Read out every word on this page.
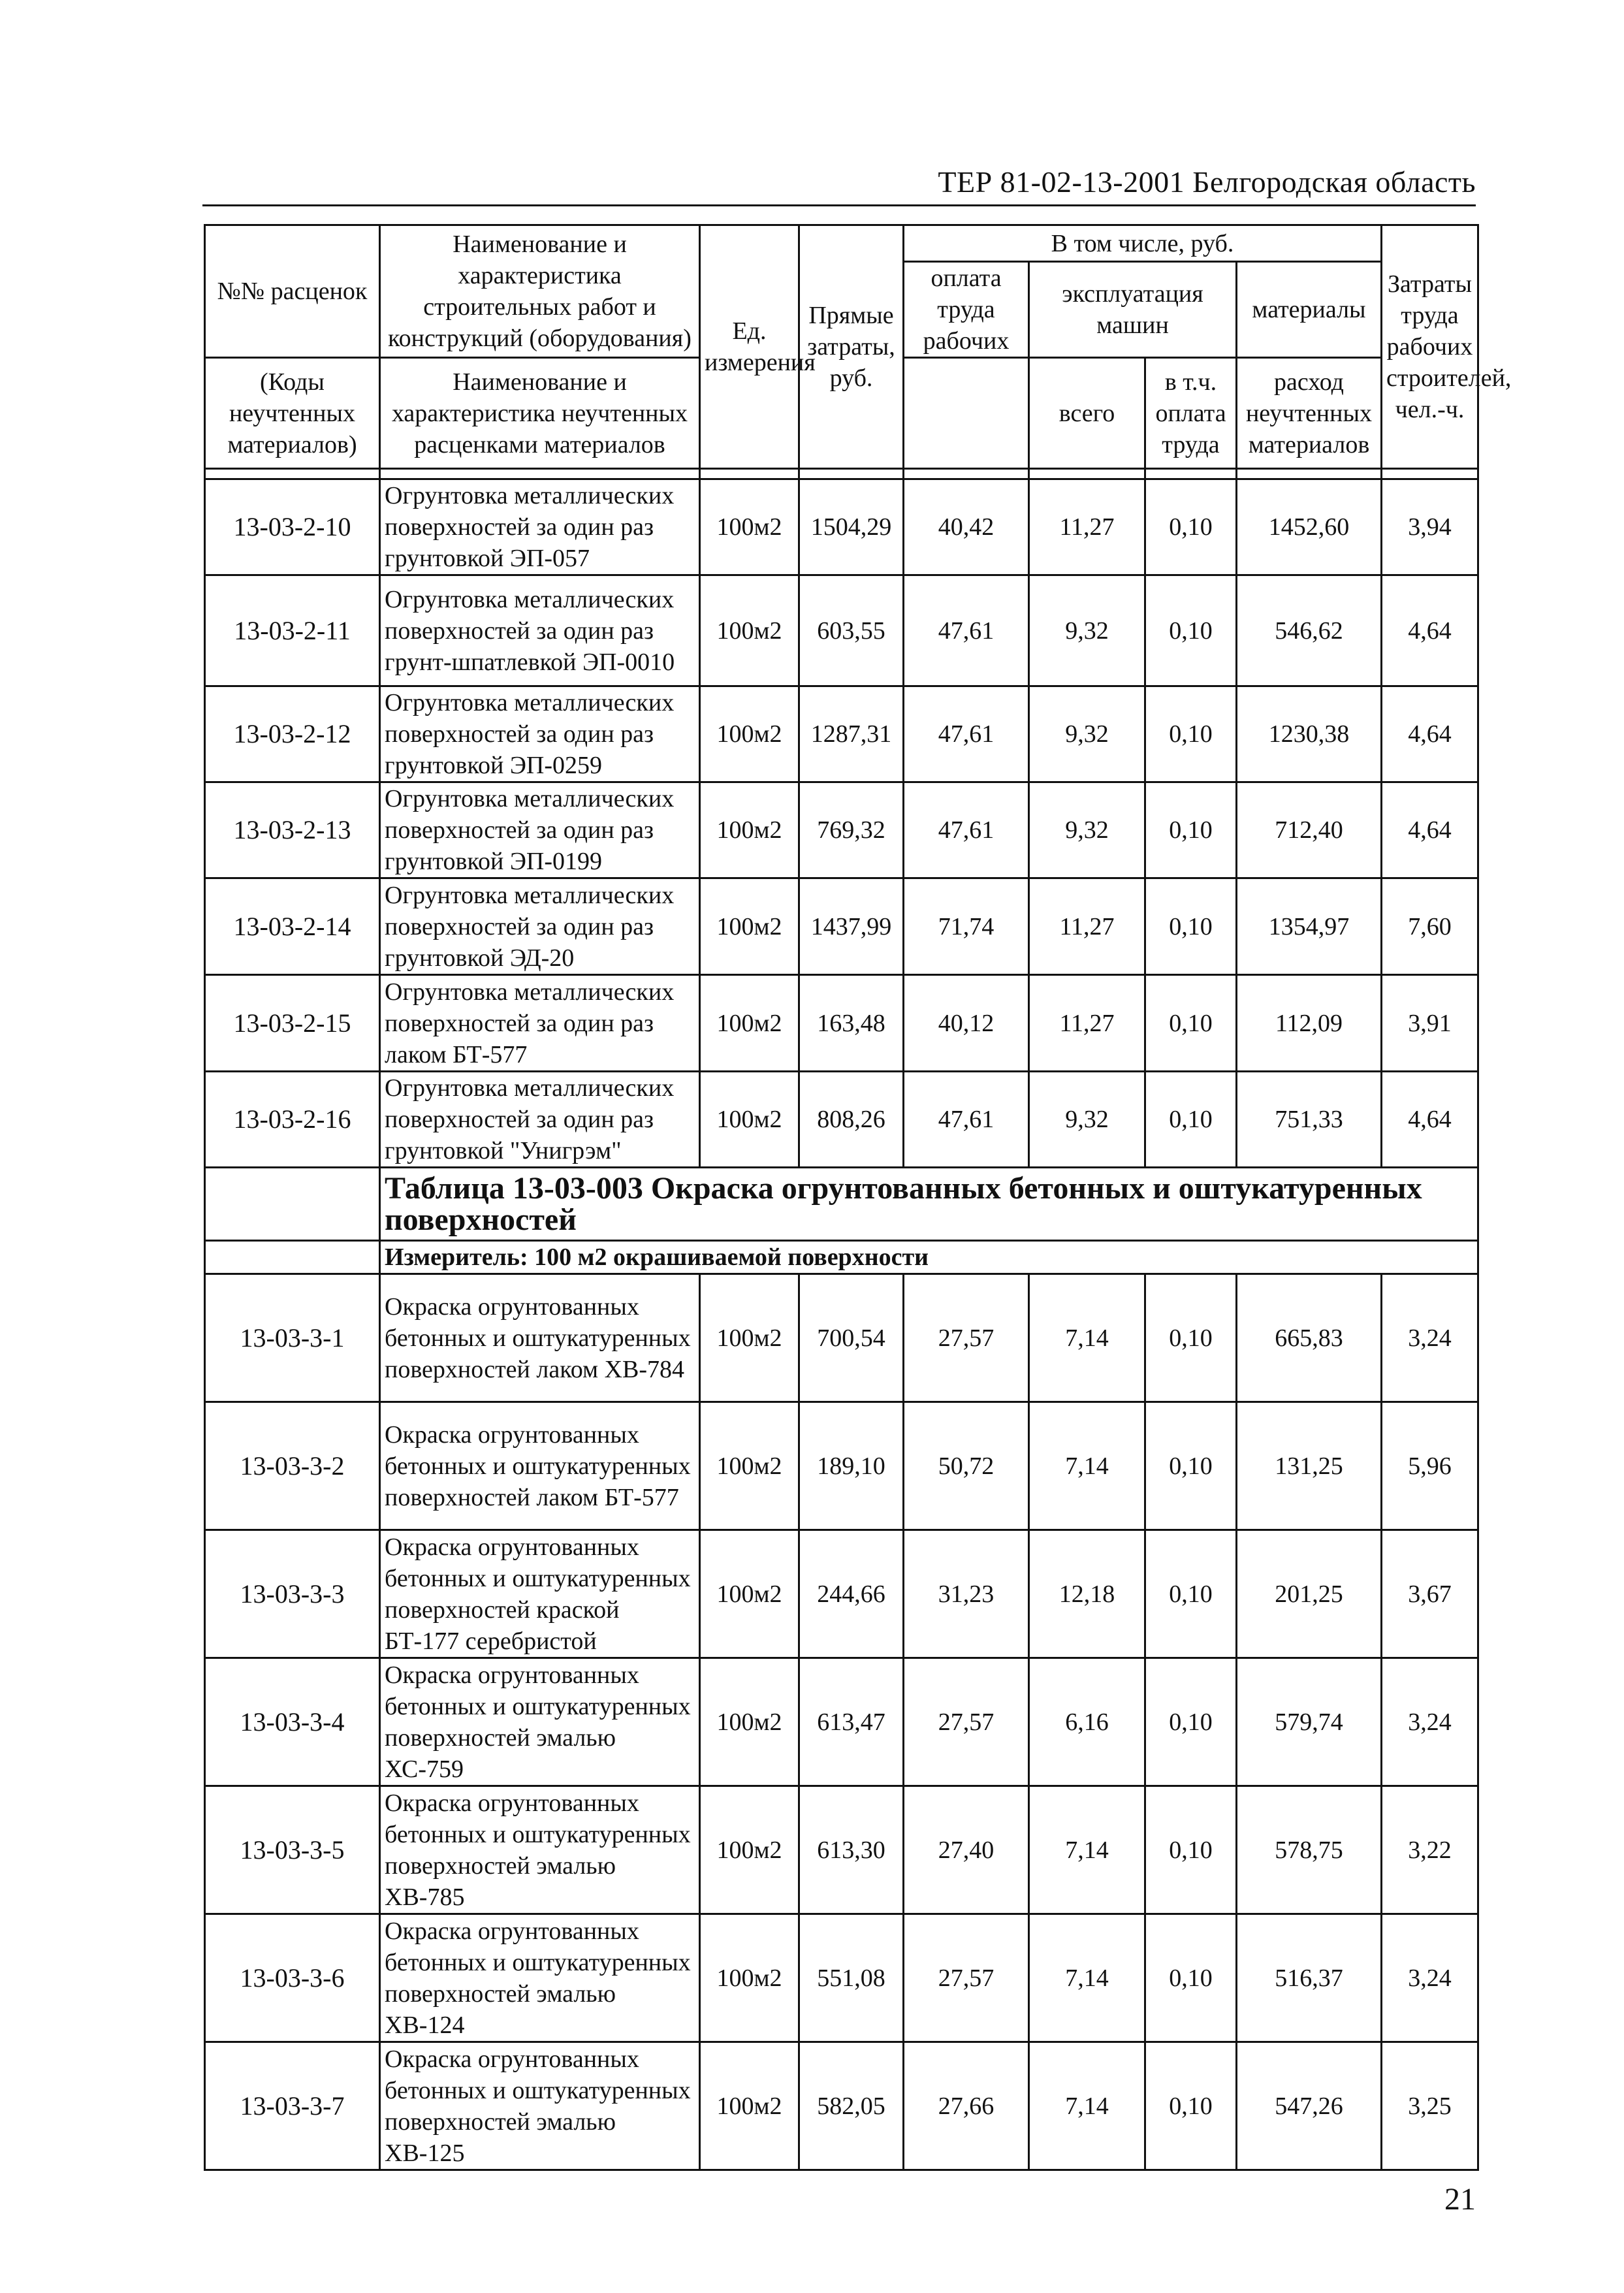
ТЕР 81-02-13-2001 Белгородская область
№№ расценок	Наименование и характеристика строительных работ и конструкций (оборудования)	Ед. измерения	Прямые затраты, руб.	В том числе, руб.				Затраты труда рабочих строителей, чел.-ч.
				оплата труда рабочих	эксплуатация машин		материалы	

(Коды неучтенных материалов)	Наименование и характеристика неучтенных расценками материалов				всего	в т.ч. оплата труда	расход неучтенных материалов	

13-03-2-10	Огрунтовка металлических поверхностей за один раз грунтовкой ЭП-057	100м2	1504,29	40,42	11,27	0,10	1452,60	3,94
13-03-2-11	Огрунтовка металлических поверхностей за один раз грунт-шпатлевкой ЭП-0010	100м2	603,55	47,61	9,32	0,10	546,62	4,64
13-03-2-12	Огрунтовка металлических поверхностей за один раз грунтовкой ЭП-0259	100м2	1287,31	47,61	9,32	0,10	1230,38	4,64
13-03-2-13	Огрунтовка металлических поверхностей за один раз грунтовкой ЭП-0199	100м2	769,32	47,61	9,32	0,10	712,40	4,64
13-03-2-14	Огрунтовка металлических поверхностей за один раз грунтовкой ЭД-20	100м2	1437,99	71,74	11,27	0,10	1354,97	7,60
13-03-2-15	Огрунтовка металлических поверхностей за один раз лаком БТ-577	100м2	163,48	40,12	11,27	0,10	112,09	3,91
13-03-2-16	Огрунтовка металлических поверхностей за один раз грунтовкой "Унигрэм"	100м2	808,26	47,61	9,32	0,10	751,33	4,64
	Таблица 13-03-003 Окраска огрунтованных бетонных и оштукатуренных поверхностей							
	Измеритель: 100 м2 окрашиваемой поверхности							
13-03-3-1	Окраска огрунтованных бетонных и оштукатуренных поверхностей лаком ХВ-784	100м2	700,54	27,57	7,14	0,10	665,83	3,24
13-03-3-2	Окраска огрунтованных бетонных и оштукатуренных поверхностей лаком БТ-577	100м2	189,10	50,72	7,14	0,10	131,25	5,96
13-03-3-3	Окраска огрунтованных бетонных и оштукатуренных поверхностей краской БТ-177 серебристой	100м2	244,66	31,23	12,18	0,10	201,25	3,67
13-03-3-4	Окраска огрунтованных бетонных и оштукатуренных поверхностей эмалью ХС-759	100м2	613,47	27,57	6,16	0,10	579,74	3,24
13-03-3-5	Окраска огрунтованных бетонных и оштукатуренных поверхностей эмалью ХВ-785	100м2	613,30	27,40	7,14	0,10	578,75	3,22
13-03-3-6	Окраска огрунтованных бетонных и оштукатуренных поверхностей эмалью ХВ-124	100м2	551,08	27,57	7,14	0,10	516,37	3,24
13-03-3-7	Окраска огрунтованных бетонных и оштукатуренных поверхностей эмалью ХВ-125	100м2	582,05	27,66	7,14	0,10	547,26	3,25
21
